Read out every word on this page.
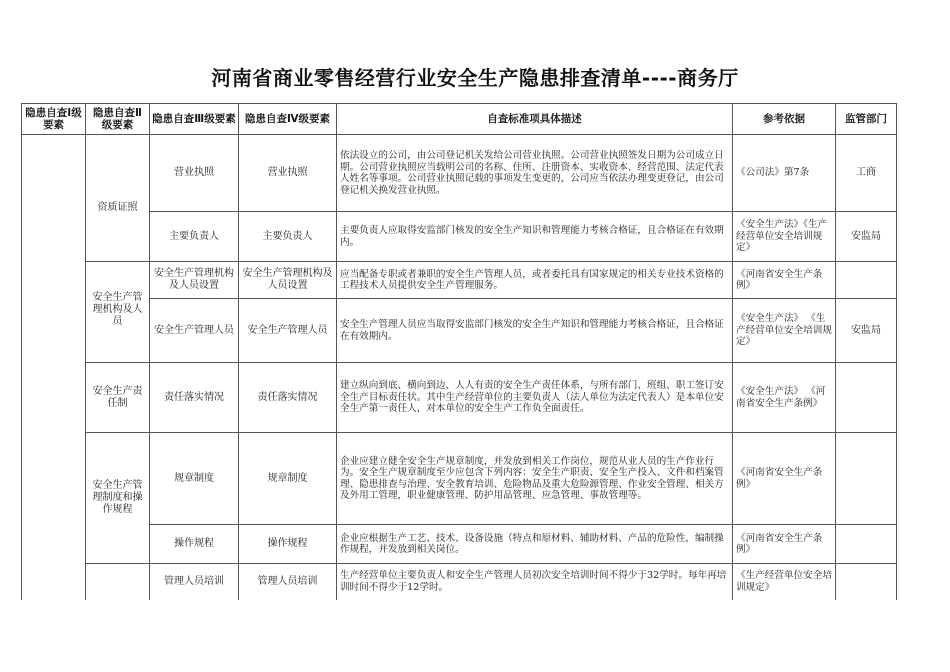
河南省商业零售经营行业安全生产隐患排查清单----商务厅
隐患自查Ⅰ级要素	隐患自查Ⅱ级要素	隐患自查Ⅲ级要素	隐患自查Ⅳ级要素	自查标准项具体描述	参考依据	监管部门
	资质证照	营业执照	营业执照	依法设立的公司，由公司登记机关发给公司营业执照。公司营业执照签发日期为公司成立日期。公司营业执照应当载明公司的名称、住所、注册资本、实收资本、经营范围、法定代表人姓名等事项。公司营业执照记载的事项发生变更的，公司应当依法办理变更登记，由公司登记机关换发营业执照。	《公司法》第7条	工商
		主要负责人	主要负责人	主要负责人应取得安监部门核发的安全生产知识和管理能力考核合格证，且合格证在有效期内。	《安全生产法》《生产经营单位安全培训规定》	安监局
	安全生产管理机构及人员	安全生产管理机构及人员设置	安全生产管理机构及人员设置	应当配备专职或者兼职的安全生产管理人员，或者委托具有国家规定的相关专业技术资格的工程技术人员提供安全生产管理服务。	《河南省安全生产条例》	
		安全生产管理人员	安全生产管理人员	安全生产管理人员应当取得安监部门核发的安全生产知识和管理能力考核合格证，且合格证在有效期内。	《安全生产法》 《生产经营单位安全培训规定》	安监局
	安全生产责任制	责任落实情况	责任落实情况	建立纵向到底、横向到边、人人有责的安全生产责任体系，与所有部门、班组、职工签订安全生产目标责任状。其中生产经营单位的主要负责人（法人单位为法定代表人）是本单位安全生产第一责任人，对本单位的安全生产工作负全面责任。	《安全生产法》 《河南省安全生产条例》	
	安全生产管理制度和操作规程	规章制度	规章制度	企业应建立健全安全生产规章制度，并发放到相关工作岗位，规范从业人员的生产作业行为。安全生产规章制度至少应包含下列内容：安全生产职责、安全生产投入、文件和档案管理、隐患排查与治理、安全教育培训、危险物品及重大危险源管理、作业安全管理、相关方及外用工管理，职业健康管理、防护用品管理、应急管理、事故管理等。	《河南省安全生产条例》	
		操作规程	操作规程	企业应根据生产工艺、技术、设备设施（特点和原材料、辅助材料、产品的危险性，编制操作规程，并发放到相关岗位。	《河南省安全生产条例》	
		管理人员培训	管理人员培训	生产经营单位主要负责人和安全生产管理人员初次安全培训时间不得少于32学时。每年再培训时间不得少于12学时。	《生产经营单位安全培训规定》	
